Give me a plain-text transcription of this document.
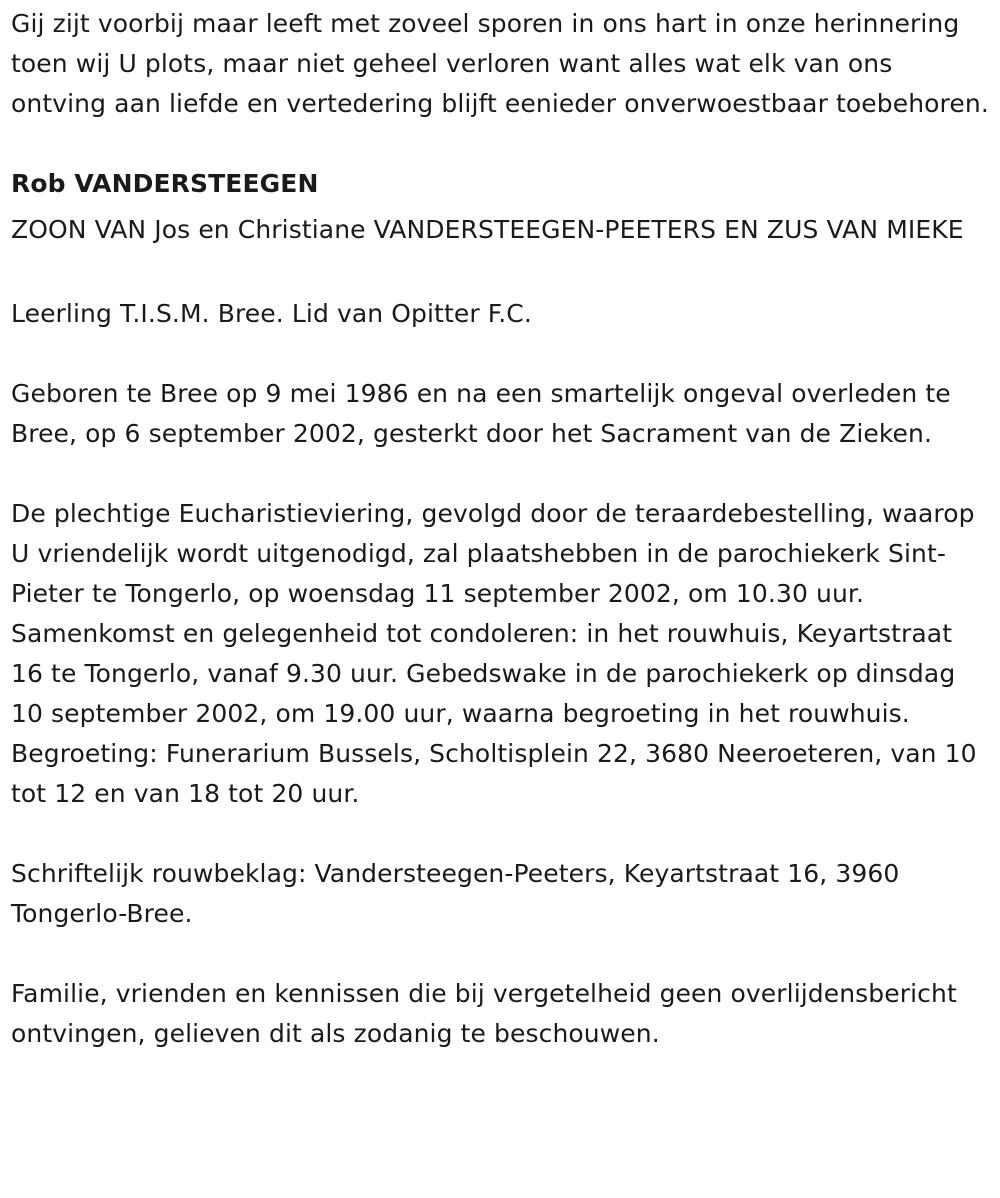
Gij zijt voorbij maar leeft met zoveel sporen in ons hart in onze herinnering toen wij U plots, maar niet geheel verloren want alles wat elk van ons ontving aan liefde en vertedering blijft eenieder onverwoestbaar toebehoren.

Rob VANDERSTEEGEN

ZOON VAN Jos en Christiane VANDERSTEEGEN-PEETERS EN ZUS VAN MIEKE

Leerling T.I.S.M. Bree. Lid van Opitter F.C.

Geboren te Bree op 9 mei 1986 en na een smartelijk ongeval overleden te Bree, op 6 september 2002, gesterkt door het Sacrament van de Zieken.

De plechtige Eucharistieviering, gevolgd door de teraardebestelling, waarop U vriendelijk wordt uitgenodigd, zal plaatshebben in de parochiekerk Sint-Pieter te Tongerlo, op woensdag 11 september 2002, om 10.30 uur. Samenkomst en gelegenheid tot condoleren: in het rouwhuis, Keyartstraat 16 te Tongerlo, vanaf 9.30 uur. Gebedswake in de parochiekerk op dinsdag 10 september 2002, om 19.00 uur, waarna begroeting in het rouwhuis. Begroeting: Funerarium Bussels, Scholtisplein 22, 3680 Neeroeteren, van 10 tot 12 en van 18 tot 20 uur.

Schriftelijk rouwbeklag: Vandersteegen-Peeters, Keyartstraat 16, 3960 Tongerlo-Bree.

Familie, vrienden en kennissen die bij vergetelheid geen overlijdensbericht ontvingen, gelieven dit als zodanig te beschouwen.
